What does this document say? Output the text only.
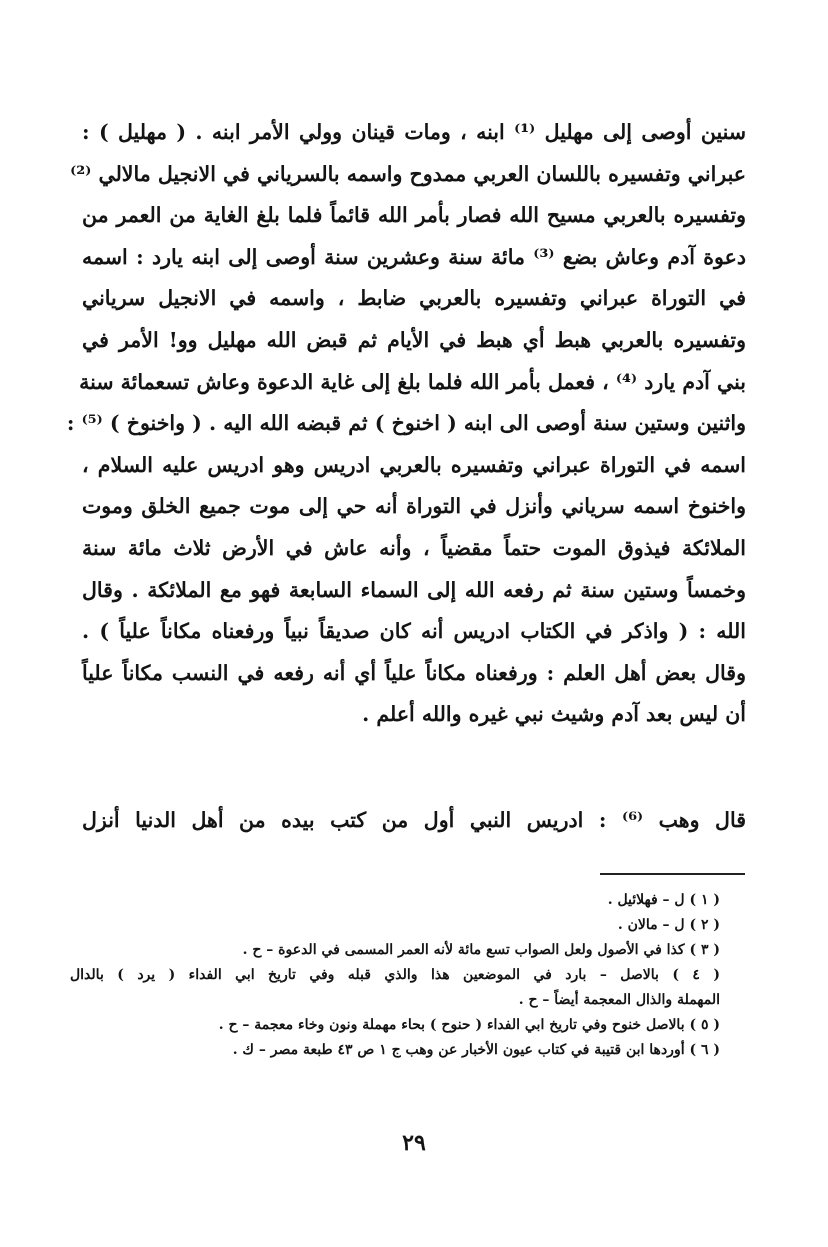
سنين أوصى إلى مهليل ⁽¹⁾ ابنه ، ومات قينان وولي الأمر ابنه . ( مهليل ) :
عبراني وتفسيره باللسان العربي ممدوح واسمه بالسرياني في الانجيل مالالي ⁽²⁾
وتفسيره بالعربي مسيح الله فصار بأمر الله قائماً فلما بلغ الغاية من العمر من
دعوة آدم وعاش بضع ⁽³⁾ مائة سنة وعشرين سنة أوصى إلى ابنه يارد : اسمه
في التوراة عبراني وتفسيره بالعربي ضابط ، واسمه في الانجيل سرياني
وتفسيره بالعربي هبط أي هبط في الأيام ثم قبض الله مهليل وو! الأمر في
بني آدم يارد ⁽⁴⁾ ، فعمل بأمر الله فلما بلغ إلى غاية الدعوة وعاش تسعمائة سنة
واثنين وستين سنة أوصى الى ابنه ( اخنوخ ) ثم قبضه الله اليه . ( واخنوخ ) ⁽⁵⁾ :
اسمه في التوراة عبراني وتفسيره بالعربي ادريس وهو ادريس عليه السلام ،
واخنوخ اسمه سرياني وأنزل في التوراة أنه حي إلى موت جميع الخلق وموت
الملائكة فيذوق الموت حتماً مقضياً ، وأنه عاش في الأرض ثلاث مائة سنة
وخمساً وستين سنة ثم رفعه الله إلى السماء السابعة فهو مع الملائكة . وقال
الله : ( واذكر في الكتاب ادريس أنه كان صديقاً نبياً ورفعناه مكاناً علياً ) .
وقال بعض أهل العلم : ورفعناه مكاناً علياً أي أنه رفعه في النسب مكاناً علياً
أن ليس بعد آدم وشيث نبي غيره والله أعلم .
قال وهب ⁽⁶⁾ : ادريس النبي أول من كتب بيده من أهل الدنيا أنزل
( ١ ) ل – فهلائيل .
( ٢ ) ل – مالان .
( ٣ ) كذا في الأصول ولعل الصواب تسع مائة لأنه العمر المسمى في الدعوة – ح .
( ٤ ) بالاصل – بارد في الموضعين هذا والذي قبله وفي تاريخ ابي الفداء ( يرد ) بالدال
المهملة والذال المعجمة أيضاً – ح .
( ٥ ) بالاصل خنوح وفي تاريخ ابي الفداء ( حنوح ) بحاء مهملة ونون وخاء معجمة – ح .
( ٦ ) أوردها ابن قتيبة في كتاب عيون الأخبار عن وهب ج ١ ص ٤٣ طبعة مصر – ك .
٢٩
